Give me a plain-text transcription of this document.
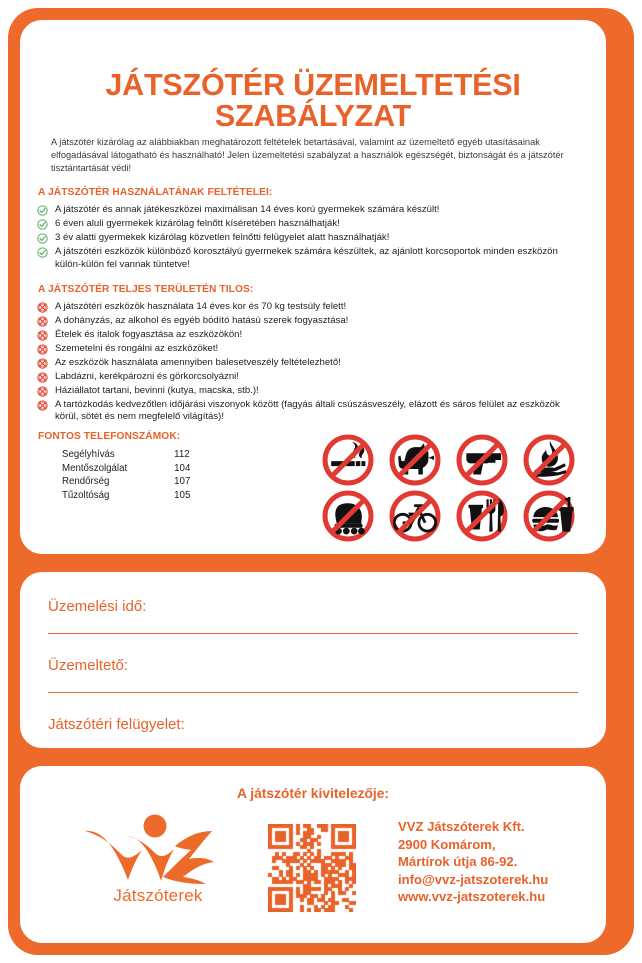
JÁTSZÓTÉR ÜZEMELTETÉSI SZABÁLYZAT
A játszótér kizárólag az alábbiakban meghatározott feltételek betartásával, valamint az üzemeltető egyéb utasításainak elfogadásával látogatható és használható! Jelen üzemeltetési szabályzat a használók egészségét, biztonságát és a játszótér tisztántartását védi!
A JÁTSZÓTÉR HASZNÁLATÁNAK FELTÉTELEI:
A játszótér és annak játékeszközei maximálisan 14 éves korú gyermekek számára készült!
6 éven aluli gyermekek kizárólag felnőtt kíséretében használhatják!
3 év alatti gyermekek kizárólag közvetlen felnőtti felügyelet alatt használhatják!
A játszótéri eszközök különböző korosztályú gyermekek számára készültek, az ajánlott korcsoportok minden eszközön külön-külön fel vannak tüntetve!
A JÁTSZÓTÉR TELJES TERÜLETÉN TILOS:
A játszótéri eszközök használata 14 éves kor és 70 kg testsúly felett!
A dohányzás, az alkohol és egyéb bódító hatású szerek fogyasztása!
Ételek és italok fogyasztása az eszközökön!
Szemetelni és rongálni az eszközöket!
Az eszközök használata amennyiben balesetveszély feltételezhető!
Labdázni, kerékpározni és görkorcsolyázni!
Háziállatot tartani, bevinni (kutya, macska, stb.)!
A tartózkodás kedvezőtlen időjárási viszonyok között (fagyás általi csúszásveszély, elázott és sáros felület az eszközök körül, sötét és nem megfelelő világítás)!
FONTOS TELEFONSZÁMOK:
Segélyhívás	112
Mentőszolgálat	104
Rendőrség	107
Tűzoltóság	105
Üzemelési idő:
Üzemeltető:
Játszótéri felügyelet:
A játszótér kivitelezője:
Játszóterek
VVZ Játszóterek Kft.
2900 Komárom,
Mártírok útja 86-92.
info@vvz-jatszoterek.hu
www.vvz-jatszoterek.hu
